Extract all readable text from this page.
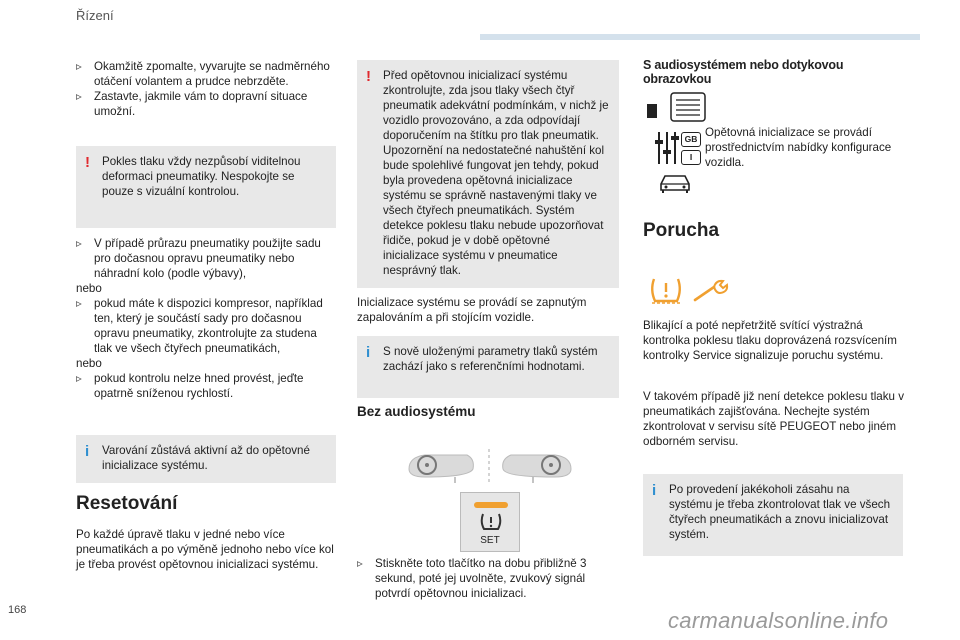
Řízení
▹	Okamžitě zpomalte, vyvarujte se nadměrného otáčení volantem a prudce nebrzděte.
▹	Zastavte, jakmile vám to dopravní situace umožní.
! Pokles tlaku vždy nezpůsobí viditelnou deformaci pneumatiky. Nespokojte se pouze s vizuální kontrolou.
▹	V případě průrazu pneumatiky použijte sadu pro dočasnou opravu pneumatiky nebo náhradní kolo (podle výbavy),
nebo
▹	pokud máte k dispozici kompresor, například ten, který je součástí sady pro dočasnou opravu pneumatiky, zkontrolujte za studena tlak ve všech čtyřech pneumatikách,
nebo
▹	pokud kontrolu nelze hned provést, jeďte opatrně sníženou rychlostí.
i Varování zůstává aktivní až do opětovné inicializace systému.
Resetování
Po každé úpravě tlaku v jedné nebo více pneumatikách a po výměně jednoho nebo více kol je třeba provést opětovnou inicializaci systému.
! Před opětovnou inicializací systému zkontrolujte, zda jsou tlaky všech čtyř pneumatik adekvátní podmínkám, v nichž je vozidlo provozováno, a zda odpovídají doporučením na štítku pro tlak pneumatik. Upozornění na nedostatečné nahuštění kol bude spolehlivé fungovat jen tehdy, pokud byla provedena opětovná inicializace systému se správně nastavenými tlaky ve všech čtyřech pneumatikách. Systém detekce poklesu tlaku nebude upozorňovat řidiče, pokud je v době opětovné inicializace systému v pneumatice nesprávný tlak.
Inicializace systému se provádí se zapnutým zapalováním a při stojícím vozidle.
i S nově uloženými parametry tlaků systém zachází jako s referenčními hodnotami.
Bez audiosystému
SET
▹	Stiskněte toto tlačítko na dobu přibližně 3 sekund, poté jej uvolněte, zvukový signál potvrdí opětovnou inicializaci.
S audiosystémem nebo dotykovou obrazovkou
GB
I
Opětovná inicializace se provádí prostřednictvím nabídky konfigurace vozidla.
Porucha
Blikající a poté nepřetržitě svítící výstražná kontrolka poklesu tlaku doprovázená rozsvícením kontrolky Service signalizuje poruchu systému.
V takovém případě již není detekce poklesu tlaku v pneumatikách zajišťována. Nechejte systém zkontrolovat v servisu sítě PEUGEOT nebo jiném odborném servisu.
i Po provedení jakékoholi zásahu na systému je třeba zkontrolovat tlak ve všech čtyřech pneumatikách a znovu inicializovat systém.
168	carmanualsonline.info
